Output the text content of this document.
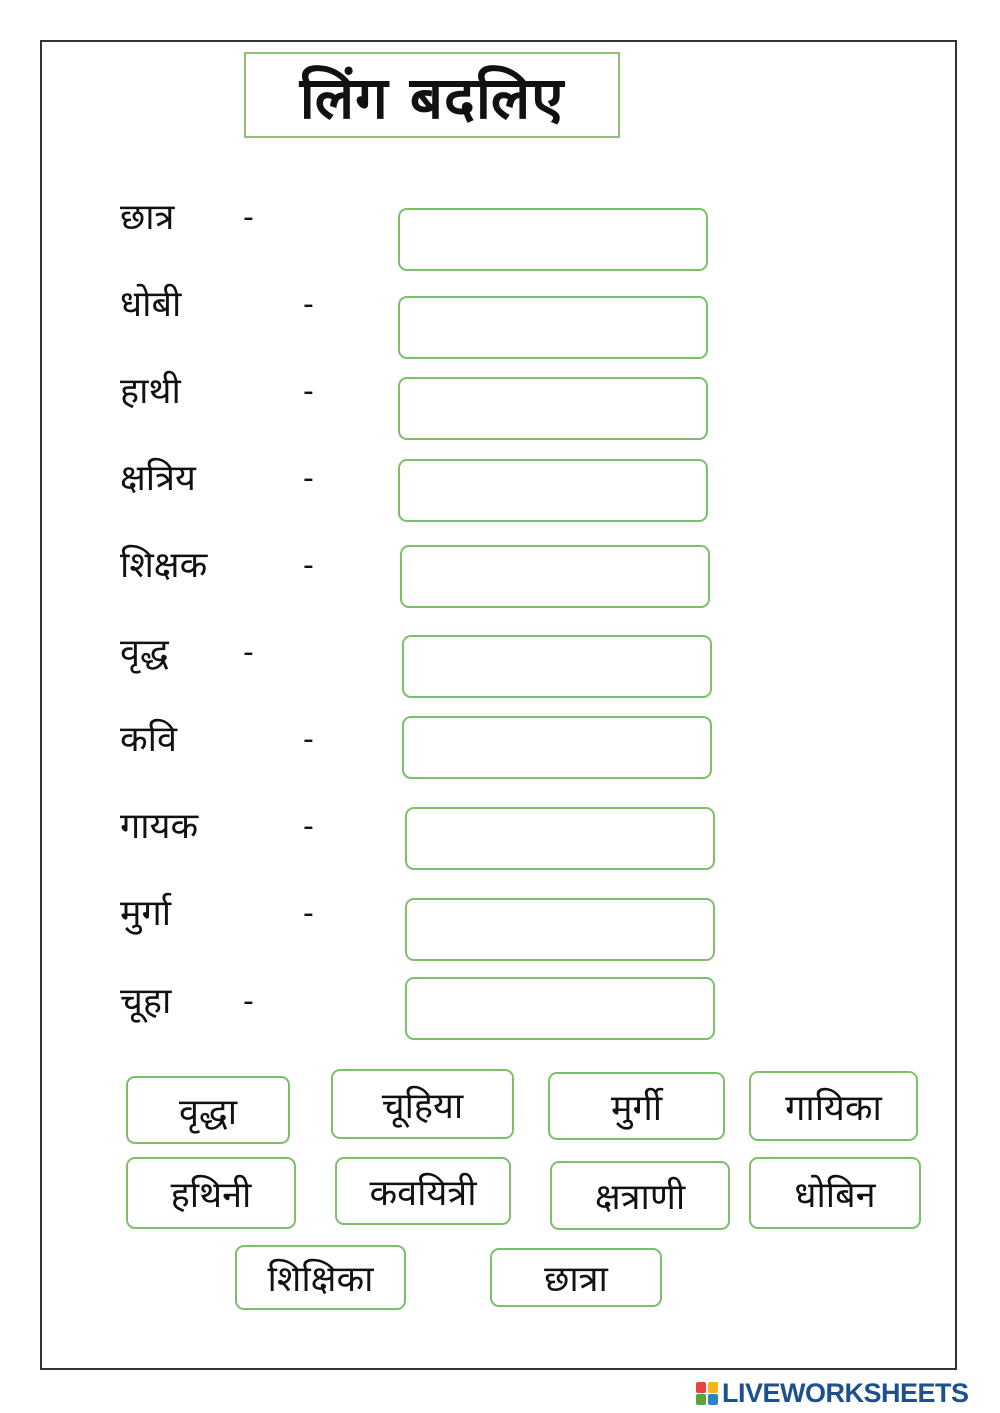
लिंग बदलिए
छात्र -
धोबी	-
हाथी	-
क्षत्रिय	-
शिक्षक	-
वृद्ध -
कवि	-
गायक	-
मुर्गा	-
चूहा -
वृद्धा	चूहिया	मुर्गी	गायिका
हथिनी	कवयित्री	क्षत्राणी	धोबिन
शिक्षिका	छात्रा
LIVEWORKSHEETS
